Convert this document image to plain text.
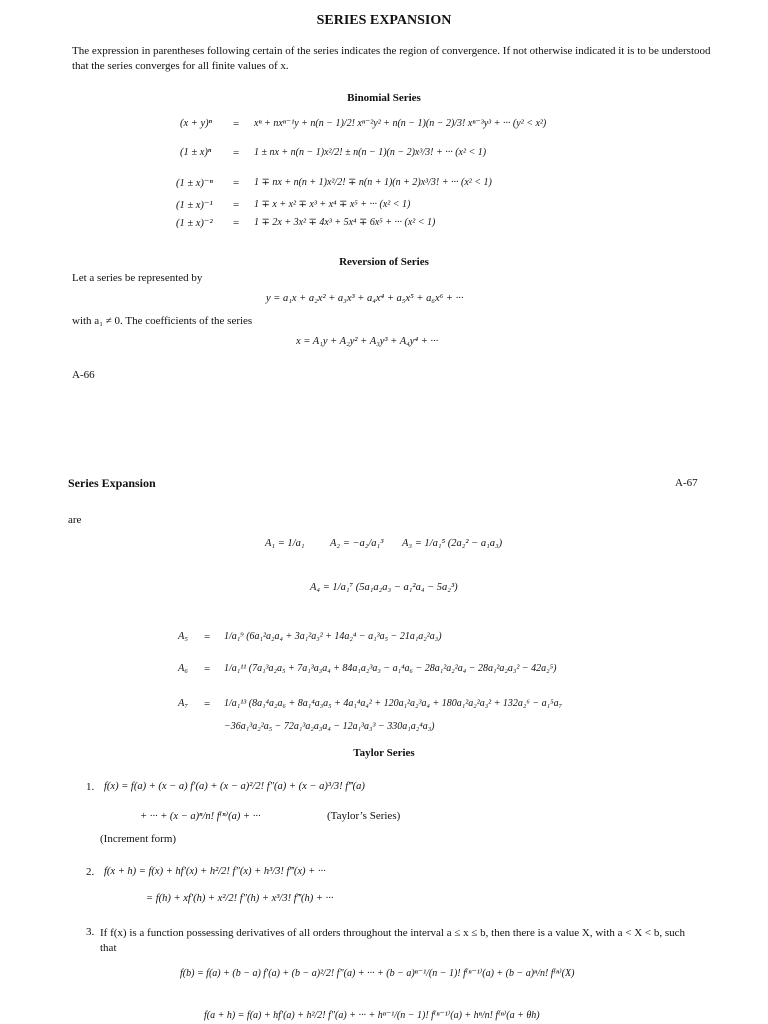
SERIES EXPANSION
The expression in parentheses following certain of the series indicates the region of convergence. If not otherwise indicated it is to be understood that the series converges for all finite values of x.
Binomial Series
(x + y)ⁿ = xⁿ + nxⁿ⁻¹y + n(n − 1)/2! xⁿ⁻²y² + n(n − 1)(n − 2)/3! xⁿ⁻³y³ + ··· (y² < x²)
(1 ± x)ⁿ = 1 ± nx + n(n − 1)x²/2! ± n(n − 1)(n − 2)x³/3! + ··· (x² < 1)
(1 ± x)⁻ⁿ = 1 ∓ nx + n(n + 1)x²/2! ∓ n(n + 1)(n + 2)x³/3! + ··· (x² < 1)
(1 ± x)⁻¹ = 1 ∓ x + x² ∓ x³ + x⁴ ∓ x⁵ + ··· (x² < 1)
(1 ± x)⁻² = 1 ∓ 2x + 3x² ∓ 4x³ + 5x⁴ ∓ 6x⁵ + ··· (x² < 1)
Reversion of Series
Let a series be represented by
y = a₁x + a₂x² + a₃x³ + a₄x⁴ + a₅x⁵ + a₆x⁶ + ···
with a₁ ≠ 0. The coefficients of the series
x = A₁y + A₂y² + A₃y³ + A₄y⁴ + ···
A-66
Series Expansion	A-67
are
A₁ = 1/a₁ A₂ = −a₂/a₁³ A₃ = 1/a₁⁵ (2a₂² − a₁a₃)
A₄ = 1/a₁⁷ (5a₁a₂a₃ − a₁²a₄ − 5a₂³)
A₅ = 1/a₁⁹ (6a₁²a₂a₄ + 3a₁²a₃² + 14a₂⁴ − a₁³a₅ − 21a₁a₂²a₃)
A₆ = 1/a₁¹¹ (7a₁³a₂a₅ + 7a₁³a₃a₄ + 84a₁a₂³a₃ − a₁⁴a₆ − 28a₁²a₂²a₄ − 28a₁²a₂a₃² − 42a₂⁵)
A₇ = 1/a₁¹³ (8a₁⁴a₂a₆ + 8a₁⁴a₃a₅ + 4a₁⁴a₄² + 120a₁²a₂³a₄ + 180a₁²a₂²a₃² + 132a₂⁶ − a₁⁵a₇
−36a₁³a₂²a₅ − 72a₁³a₂a₃a₄ − 12a₁³a₃³ − 330a₁a₂⁴a₃)
Taylor Series
1. f(x) = f(a) + (x − a) f′(a) + (x − a)²/2! f″(a) + (x − a)³/3! f‴(a)
+ ··· + (x − a)ⁿ/n! f⁽ⁿ⁾(a) + ···	(Taylor’s Series)
(Increment form)
2. f(x + h) = f(x) + hf′(x) + h²/2! f″(x) + h³/3! f‴(x) + ···
= f(h) + xf′(h) + x²/2! f″(h) + x³/3! f‴(h) + ···
3. If f(x) is a function possessing derivatives of all orders throughout the interval a ≤ x ≤ b, then there is a value X, with a < X < b, such that
f(b) = f(a) + (b − a) f′(a) + (b − a)²/2! f″(a) + ··· + (b − a)ⁿ⁻¹/(n − 1)! f⁽ⁿ⁻¹⁾(a) + (b − a)ⁿ/n! f⁽ⁿ⁾(X)
f(a + h) = f(a) + hf′(a) + h²/2! f″(a) + ··· + hⁿ⁻¹/(n − 1)! f⁽ⁿ⁻¹⁾(a) + hⁿ/n! f⁽ⁿ⁾(a + θh)
